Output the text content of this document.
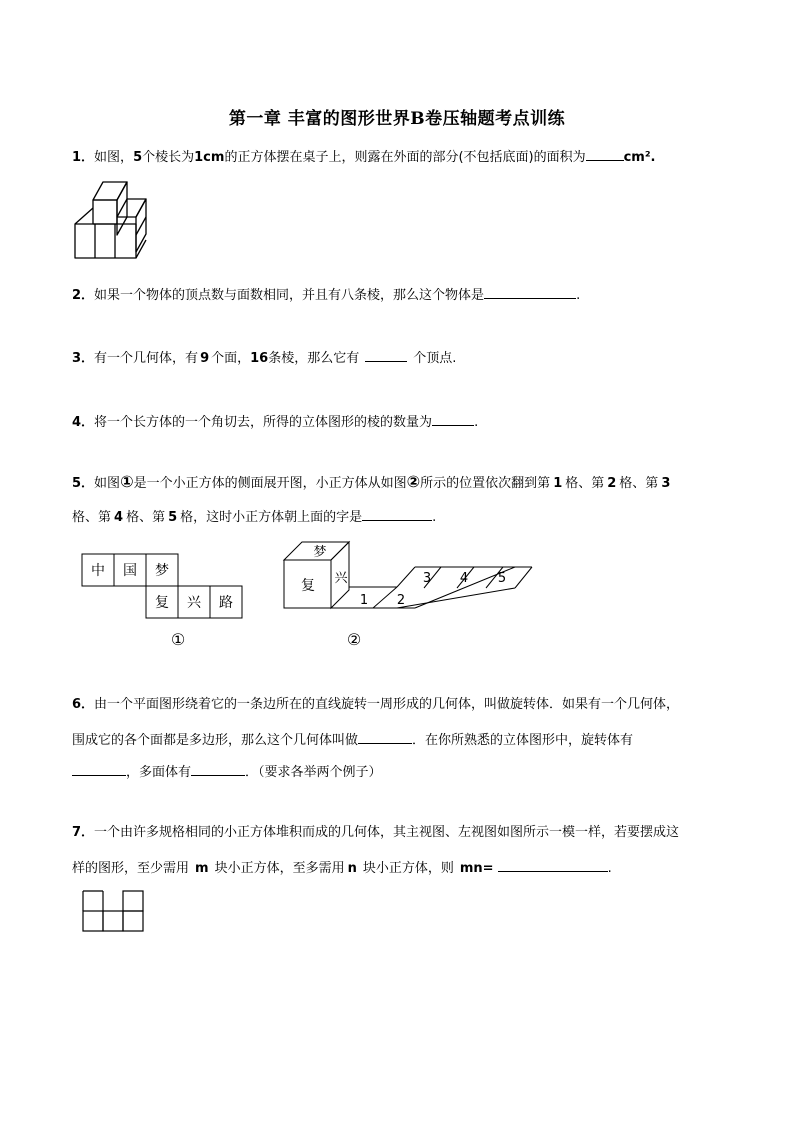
第一章 丰富的图形世界B卷压轴题考点训练
1．如图，5个棱长为1cm的正方体摆在桌子上，则露在外面的部分(不包括底面)的面积为	cm².
2．如果一个物体的顶点数与面数相同，并且有八条棱，那么这个物体是	.
3．有一个几何体，有 9 个面，16条棱，那么它有	个顶点.
4．将一个长方体的一个角切去，所得的立体图形的棱的数量为	.
5．如图①是一个小正方体的侧面展开图，小正方体从如图②所示的位置依次翻到第 1 格、第 2 格、第 3
格、第 4 格、第 5 格，这时小正方体朝上面的字是	.
中 国 梦
复 兴 路
①
梦
复 兴
1 2
3 4 5
②
6．由一个平面图形绕着它的一条边所在的直线旋转一周形成的几何体，叫做旋转体．如果有一个几何体，
围成它的各个面都是多边形，那么这个几何体叫做	．在你所熟悉的立体图形中，旋转体有
，多面体有	．（要求各举两个例子）
7．一个由许多规格相同的小正方体堆积而成的几何体，其主视图、左视图如图所示一模一样，若要摆成这
样的图形，至少需用 m 块小正方体，至多需用 n 块小正方体，则 mn=	.
